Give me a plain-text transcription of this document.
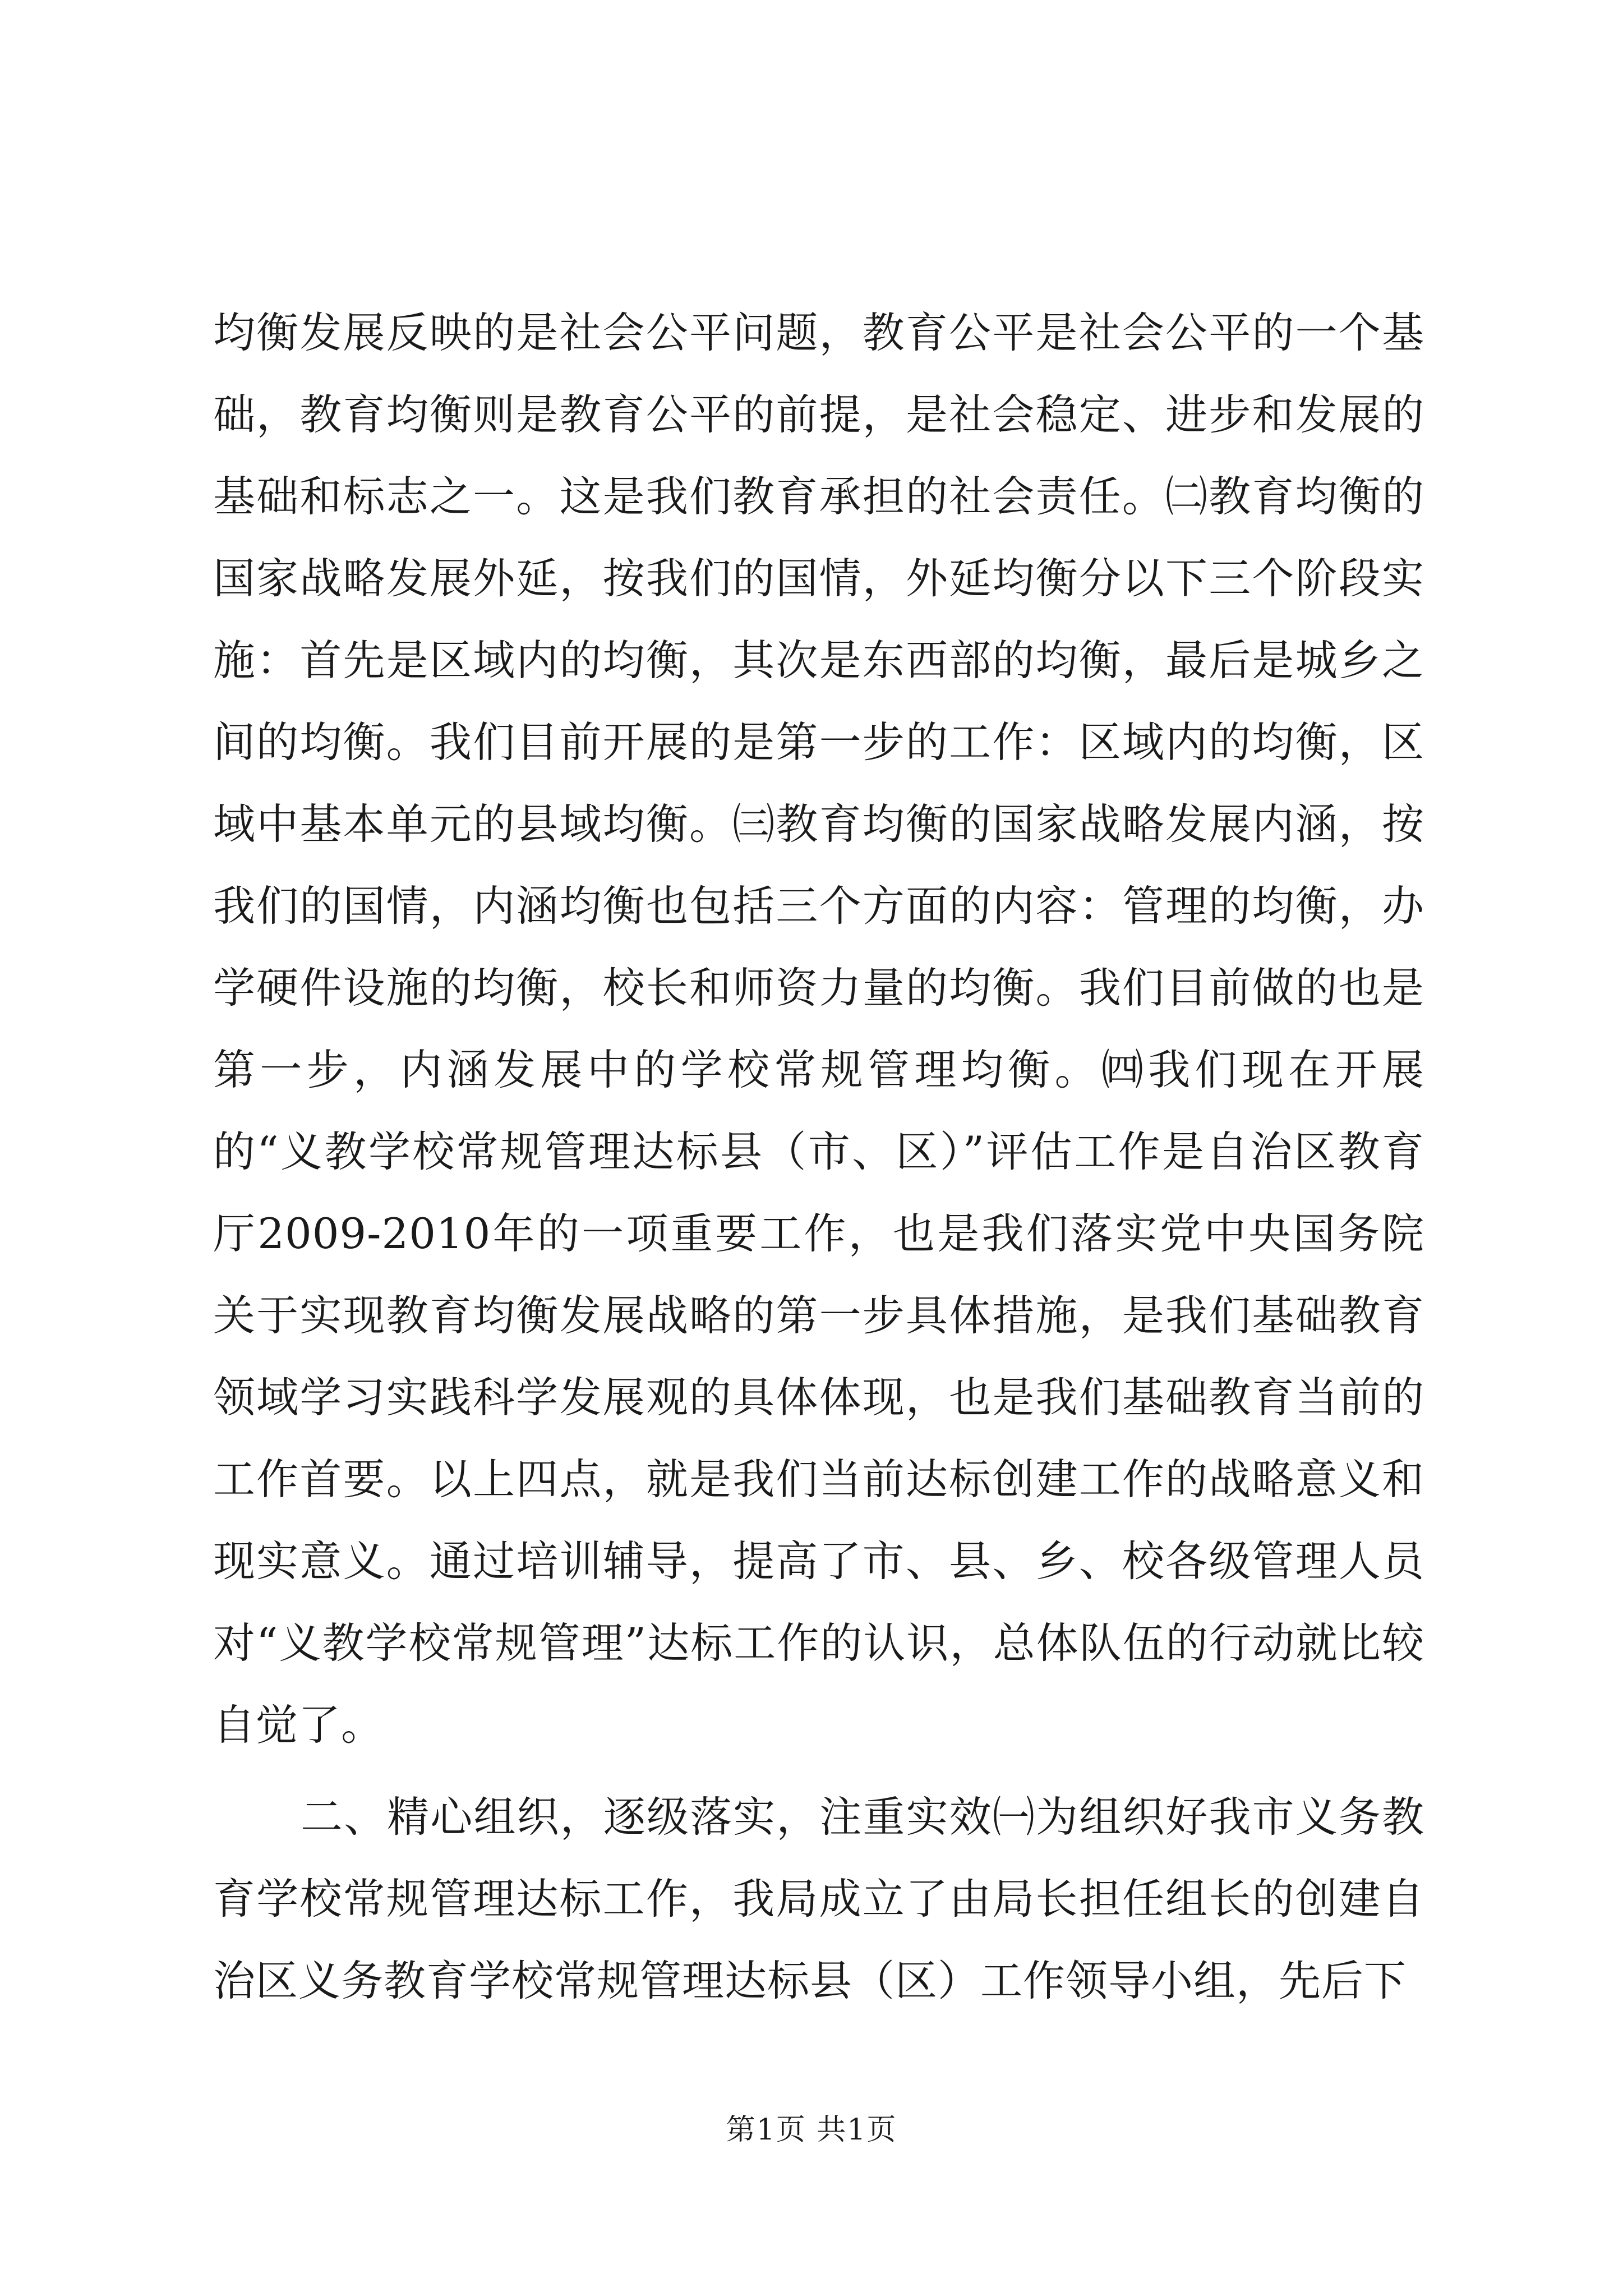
均衡发展反映的是社会公平问题，教育公平是社会公平的一个基础，教育均衡则是教育公平的前提，是社会稳定、进步和发展的基础和标志之一。这是我们教育承担的社会责任。㈡教育均衡的国家战略发展外延，按我们的国情，外延均衡分以下三个阶段实施：首先是区域内的均衡，其次是东西部的均衡，最后是城乡之间的均衡。我们目前开展的是第一步的工作：区域内的均衡，区域中基本单元的县域均衡。㈢教育均衡的国家战略发展内涵，按我们的国情，内涵均衡也包括三个方面的内容：管理的均衡，办学硬件设施的均衡，校长和师资力量的均衡。我们目前做的也是第一步，内涵发展中的学校常规管理均衡。㈣我们现在开展的“义教学校常规管理达标县（市、区）”评估工作是自治区教育厅2009-2010年的一项重要工作，也是我们落实党中央国务院关于实现教育均衡发展战略的第一步具体措施，是我们基础教育领域学习实践科学发展观的具体体现，也是我们基础教育当前的工作首要。以上四点，就是我们当前达标创建工作的战略意义和现实意义。通过培训辅导，提高了市、县、乡、校各级管理人员对“义教学校常规管理”达标工作的认识，总体队伍的行动就比较自觉了。

二、精心组织，逐级落实，注重实效㈠为组织好我市义务教育学校常规管理达标工作，我局成立了由局长担任组长的创建自治区义务教育学校常规管理达标县（区）工作领导小组，先后下

第1页 共1页
